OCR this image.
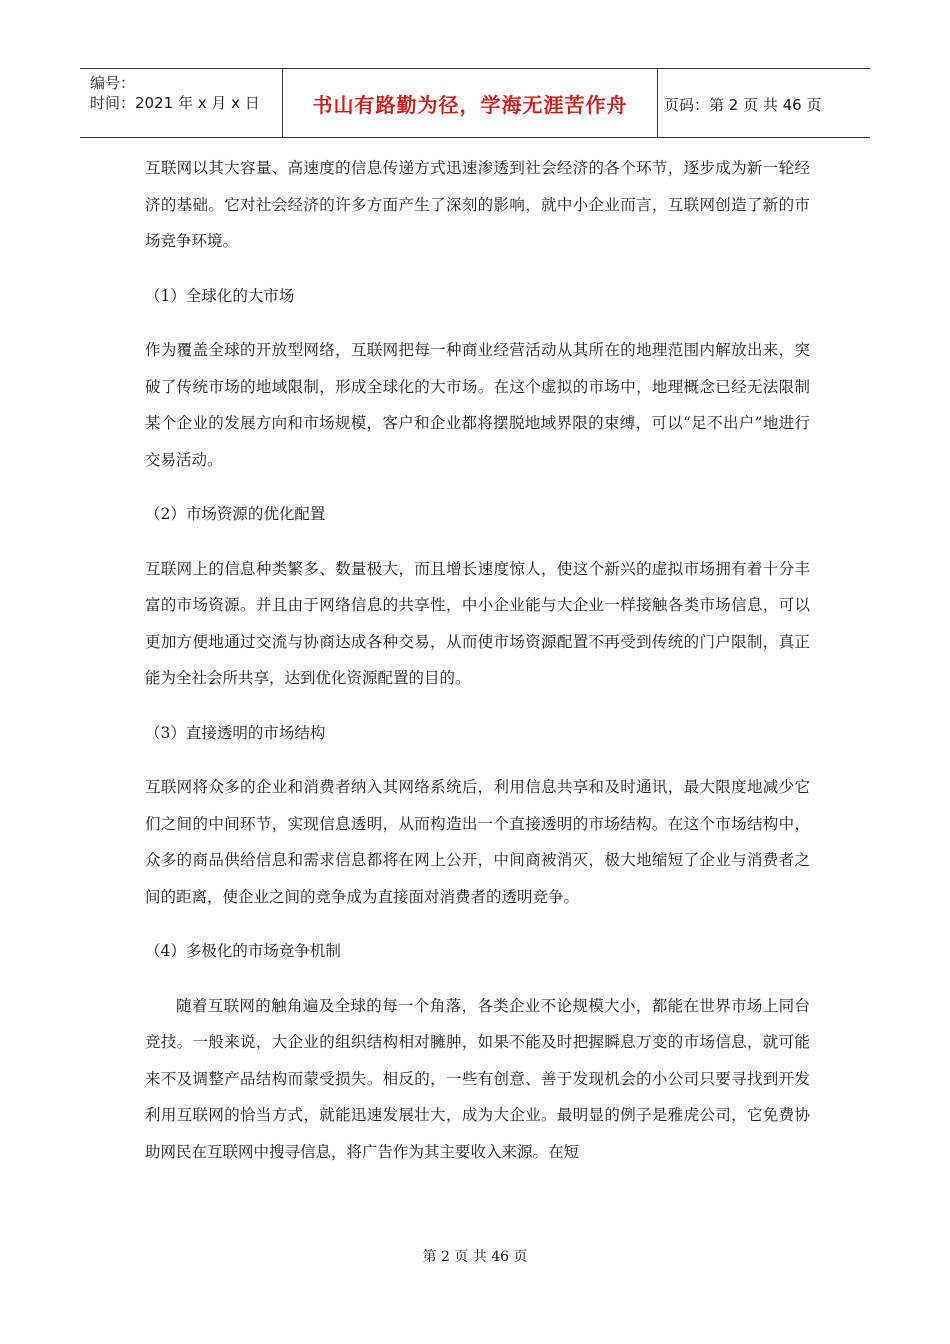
编号：
时间：2021 年 x 月 x 日	书山有路勤为径，学海无涯苦作舟	页码：第 2 页 共 46 页

互联网以其大容量、高速度的信息传递方式迅速渗透到社会经济的各个环节，逐步成为新一轮经济的基础。它对社会经济的许多方面产生了深刻的影响，就中小企业而言，互联网创造了新的市场竞争环境。

（1）全球化的大市场

作为覆盖全球的开放型网络，互联网把每一种商业经营活动从其所在的地理范围内解放出来，突破了传统市场的地域限制，形成全球化的大市场。在这个虚拟的市场中，地理概念已经无法限制某个企业的发展方向和市场规模，客户和企业都将摆脱地域界限的束缚，可以“足不出户”地进行交易活动。

（2）市场资源的优化配置

互联网上的信息种类繁多、数量极大，而且增长速度惊人，使这个新兴的虚拟市场拥有着十分丰富的市场资源。并且由于网络信息的共享性，中小企业能与大企业一样接触各类市场信息，可以更加方便地通过交流与协商达成各种交易，从而使市场资源配置不再受到传统的门户限制，真正能为全社会所共享，达到优化资源配置的目的。

（3）直接透明的市场结构

互联网将众多的企业和消费者纳入其网络系统后，利用信息共享和及时通讯，最大限度地减少它们之间的中间环节，实现信息透明，从而构造出一个直接透明的市场结构。在这个市场结构中，众多的商品供给信息和需求信息都将在网上公开，中间商被消灭，极大地缩短了企业与消费者之间的距离，使企业之间的竞争成为直接面对消费者的透明竞争。

（4）多极化的市场竞争机制

随着互联网的触角遍及全球的每一个角落，各类企业不论规模大小，都能在世界市场上同台竞技。一般来说，大企业的组织结构相对臃肿，如果不能及时把握瞬息万变的市场信息，就可能来不及调整产品结构而蒙受损失。相反的，一些有创意、善于发现机会的小公司只要寻找到开发利用互联网的恰当方式，就能迅速发展壮大，成为大企业。最明显的例子是雅虎公司，它免费协助网民在互联网中搜寻信息，将广告作为其主要收入来源。在短

第 2 页 共 46 页
